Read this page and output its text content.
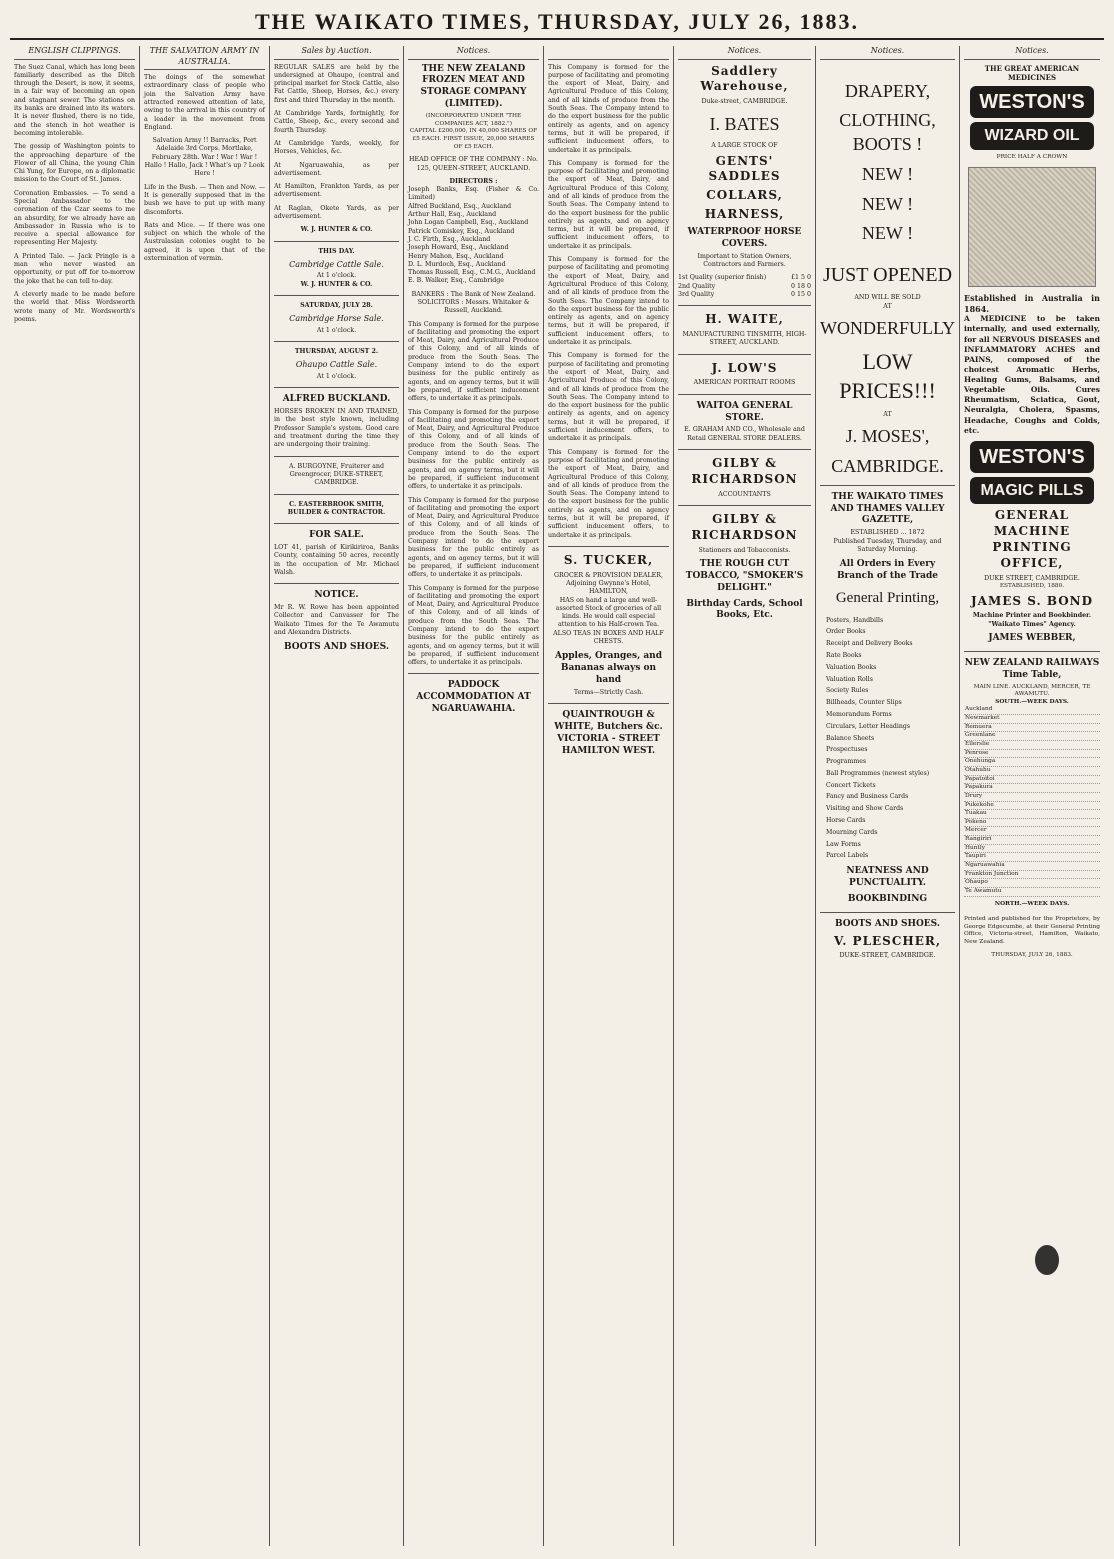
THE WAIKATO TIMES, THURSDAY, JULY 26, 1883.
ENGLISH CLIPPINGS.

The Suez Canal, which has long been familiarly described as the Ditch through the Desert, is now, it seems, in a fair way of becoming an open and stagnant sewer. The stations on its banks are drained into its waters. It is never flushed, there is no tide, and the stench in hot weather is becoming intolerable.

The gossip of Washington points to the approaching departure of the Flower of all China, the young Chin Chi Yung, for Europe, on a diplomatic mission to the Court of St. James.

Coronation Embassies. — To send a Special Ambassador to the coronation of the Czar seems to me an absurdity, for we already have an Ambassador in Russia who is to receive a special allowance for representing Her Majesty.

A Printed Tale. — Jack Pringle is a man who never wasted an opportunity, or put off for to-morrow the joke that he can tell to-day.

A cleverly made to be made before the world that Miss Wordsworth wrote many of Mr. Wordsworth's poems.

THE SALVATION ARMY IN AUSTRALIA.

The doings of the somewhat extraordinary class of people who join the Salvation Army have attracted renewed attention of late, owing to the arrival in this country of a leader in the movement from England.

Salvation Army !! Barracks, Port Adelaide 3rd Corps. Mortlake, February 28th. War ! War ! War ! Hallo ! Hallo, Jack ! What's up ? Look Here !

Life in the Bush. — Then and Now. — It is generally supposed that in the bush we have to put up with many discomforts.

Rats and Mice. — If there was one subject on which the whole of the Australasian colonies ought to be agreed, it is upon that of the extermination of vermin.

Sales by Auction.

REGULAR SALES are held by the undersigned at Ohaupo, (central and principal market for Stock Cattle, also Fat Cattle, Sheep, Horses, &c.) every first and third Thursday in the month.

At Cambridge Yards, fortnightly, for Cattle, Sheep, &c., every second and fourth Thursday.

At Cambridge Yards, weekly, for Horses, Vehicles, &c.

At Ngaruawahia, as per advertisement.

At Hamilton, Frankton Yards, as per advertisement.

At Raglan, Okete Yards, as per advertisement.

W. J. HUNTER & CO.

THIS DAY.

Cambridge Cattle Sale.

At 1 o'clock.

W. J. HUNTER & CO.

SATURDAY, JULY 28.

Cambridge Horse Sale.

At 1 o'clock.

THURSDAY, AUGUST 2.

Ohaupo Cattle Sale.

At 1 o'clock.

ALFRED BUCKLAND.

HORSES BROKEN IN AND TRAINED, in the best style known, including Professor Sample's system. Good care and treatment during the time they are undergoing their training.

A. BURGOYNE, Fruiterer and Greengrocer, DUKE-STREET, CAMBRIDGE.

C. EASTERBROOK SMITH, BUILDER & CONTRACTOR.

FOR SALE.

LOT 41, parish of Kirikiriroa, Banks County, containing 50 acres, recently in the occupation of Mr. Michael Walsh.

NOTICE.

Mr R. W. Rowe has been appointed Collector and Canvasser for The Waikato Times for the Te Awamutu and Alexandra Districts.

BOOTS AND SHOES.

Notices.

THE NEW ZEALAND FROZEN MEAT AND STORAGE COMPANY (LIMITED).

(INCORPORATED UNDER "THE COMPANIES ACT, 1882.")

CAPITAL £200,000, IN 40,000 SHARES OF £5 EACH. FIRST ISSUE, 20,000 SHARES OF £5 EACH.

HEAD OFFICE OF THE COMPANY : No. 125, QUEEN-STREET, AUCKLAND.

DIRECTORS :

Joseph Banks, Esq. (Fisher & Co. Limited)

Alfred Buckland, Esq., Auckland

Arthur Hall, Esq., Auckland

John Logan Campbell, Esq., Auckland

Patrick Comiskey, Esq., Auckland

J. C. Firth, Esq., Auckland

Joseph Howard, Esq., Auckland

Henry Mahon, Esq., Auckland

D. L. Murdoch, Esq., Auckland

Thomas Russell, Esq., C.M.G., Auckland

E. B. Walker, Esq., Cambridge

BANKERS : The Bank of New Zealand.

SOLICITORS : Messrs. Whitaker & Russell, Auckland.

This Company is formed for the purpose of facilitating and promoting the export of Meat, Dairy, and Agricultural Produce of this Colony, and of all kinds of produce from the South Seas. The Company intend to do the export business for the public entirely as agents, and on agency terms, but it will be prepared, if sufficient inducement offers, to undertake it as principals.

This Company is formed for the purpose of facilitating and promoting the export of Meat, Dairy, and Agricultural Produce of this Colony, and of all kinds of produce from the South Seas. The Company intend to do the export business for the public entirely as agents, and on agency terms, but it will be prepared, if sufficient inducement offers, to undertake it as principals.

This Company is formed for the purpose of facilitating and promoting the export of Meat, Dairy, and Agricultural Produce of this Colony, and of all kinds of produce from the South Seas. The Company intend to do the export business for the public entirely as agents, and on agency terms, but it will be prepared, if sufficient inducement offers, to undertake it as principals.

This Company is formed for the purpose of facilitating and promoting the export of Meat, Dairy, and Agricultural Produce of this Colony, and of all kinds of produce from the South Seas. The Company intend to do the export business for the public entirely as agents, and on agency terms, but it will be prepared, if sufficient inducement offers, to undertake it as principals.

PADDOCK ACCOMMODATION AT NGARUAWAHIA.

This Company is formed for the purpose of facilitating and promoting the export of Meat, Dairy, and Agricultural Produce of this Colony, and of all kinds of produce from the South Seas. The Company intend to do the export business for the public entirely as agents, and on agency terms, but it will be prepared, if sufficient inducement offers, to undertake it as principals.

This Company is formed for the purpose of facilitating and promoting the export of Meat, Dairy, and Agricultural Produce of this Colony, and of all kinds of produce from the South Seas. The Company intend to do the export business for the public entirely as agents, and on agency terms, but it will be prepared, if sufficient inducement offers, to undertake it as principals.

This Company is formed for the purpose of facilitating and promoting the export of Meat, Dairy, and Agricultural Produce of this Colony, and of all kinds of produce from the South Seas. The Company intend to do the export business for the public entirely as agents, and on agency terms, but it will be prepared, if sufficient inducement offers, to undertake it as principals.

This Company is formed for the purpose of facilitating and promoting the export of Meat, Dairy, and Agricultural Produce of this Colony, and of all kinds of produce from the South Seas. The Company intend to do the export business for the public entirely as agents, and on agency terms, but it will be prepared, if sufficient inducement offers, to undertake it as principals.

This Company is formed for the purpose of facilitating and promoting the export of Meat, Dairy, and Agricultural Produce of this Colony, and of all kinds of produce from the South Seas. The Company intend to do the export business for the public entirely as agents, and on agency terms, but it will be prepared, if sufficient inducement offers, to undertake it as principals.

S. TUCKER,

GROCER & PROVISION DEALER, Adjoining Gwynne's Hotel, HAMILTON,

HAS on hand a large and well-assorted Stock of groceries of all kinds. He would call especial attention to his Half-crown Tea. ALSO TEAS IN BOXES AND HALF CHESTS.

Apples, Oranges, and Bananas always on hand

Terms—Strictly Cash.

QUAINTROUGH & WHITE, Butchers &c. VICTORIA - STREET HAMILTON WEST.

Notices.

Saddlery Warehouse,

Duke-street, CAMBRIDGE.

I. BATES

A LARGE STOCK OF

GENTS' SADDLES

COLLARS,

HARNESS,

WATERPROOF HORSE COVERS.

Important to Station Owners, Contractors and Farmers.

1st Quality (superior finish)	£1 5 0
2nd Quality	0 18 0
3rd Quality	0 15 0

H. WAITE,

MANUFACTURING TINSMITH, HIGH-STREET, AUCKLAND.

J. LOW'S

AMERICAN PORTRAIT ROOMS

WAITOA GENERAL STORE.

E. GRAHAM AND CO., Wholesale and Retail GENERAL STORE DEALERS.

GILBY & RICHARDSON

ACCOUNTANTS

GILBY & RICHARDSON

Stationers and Tobacconists.

THE ROUGH CUT TOBACCO, "SMOKER'S DELIGHT."

Birthday Cards, School Books, Etc.

Notices.

DRAPERY,

CLOTHING, BOOTS !

NEW !

NEW !

NEW !

JUST OPENED

AND WILL BE SOLD

AT

WONDERFULLY

LOW PRICES!!!

AT

J. MOSES',

CAMBRIDGE.

THE WAIKATO TIMES AND THAMES VALLEY GAZETTE,

ESTABLISHED ... 1872

Published Tuesday, Thursday, and Saturday Morning.

All Orders in Every Branch of the Trade

General Printing,

Posters, Handbills

Order Books

Receipt and Delivery Books

Rate Books

Valuation Books

Valuation Rolls

Society Rules

Billheads, Counter Slips

Memorandum Forms

Circulars, Letter Headings

Balance Sheets

Prospectuses

Programmes

Ball Programmes (newest styles)

Concert Tickets

Fancy and Business Cards

Visiting and Show Cards

Horse Cards

Mourning Cards

Law Forms

Parcel Labels

NEATNESS AND PUNCTUALITY.

BOOKBINDING

BOOTS AND SHOES.

V. PLESCHER,

DUKE-STREET, CAMBRIDGE.

Notices.

THE GREAT AMERICAN MEDICINES

WESTON'S
WIZARD OIL

PRICE HALF A CROWN

Established in Australia in 1864.

A MEDICINE to be taken internally, and used externally, for all NERVOUS DISEASES and INFLAMMATORY ACHES and PAINS, composed of the choicest Aromatic Herbs, Healing Gums, Balsams, and Vegetable Oils. Cures Rheumatism, Sciatica, Gout, Neuralgia, Cholera, Spasms, Headache, Coughs and Colds, etc.

WESTON'S
MAGIC PILLS

GENERAL MACHINE PRINTING OFFICE,

DUKE STREET, CAMBRIDGE.

ESTABLISHED, 1880.

JAMES S. BOND

Machine Printer and Bookbinder.

"Waikato Times" Agency.

JAMES WEBBER,

NEW ZEALAND RAILWAYS Time Table,

MAIN LINE. AUCKLAND, MERCER, TE AWAMUTU.

SOUTH.—WEEK DAYS.

Auckland
Newmarket
Remuera
Greenlane
Ellerslie
Penrose
Onehunga
Otahuhu
Papatoitoi
Papakura
Drury
Pukekohe
Tuakau
Pokeno
Mercer
Rangiriri
Huntly
Taupiri
Ngaruawahia
Frankton Junction
Ohaupo
Te Awamutu

NORTH.—WEEK DAYS.

Printed and published for the Proprietors, by George Edgecumbe, at their General Printing Office, Victoria-street, Hamilton, Waikato, New Zealand.

THURSDAY, JULY 26, 1883.
